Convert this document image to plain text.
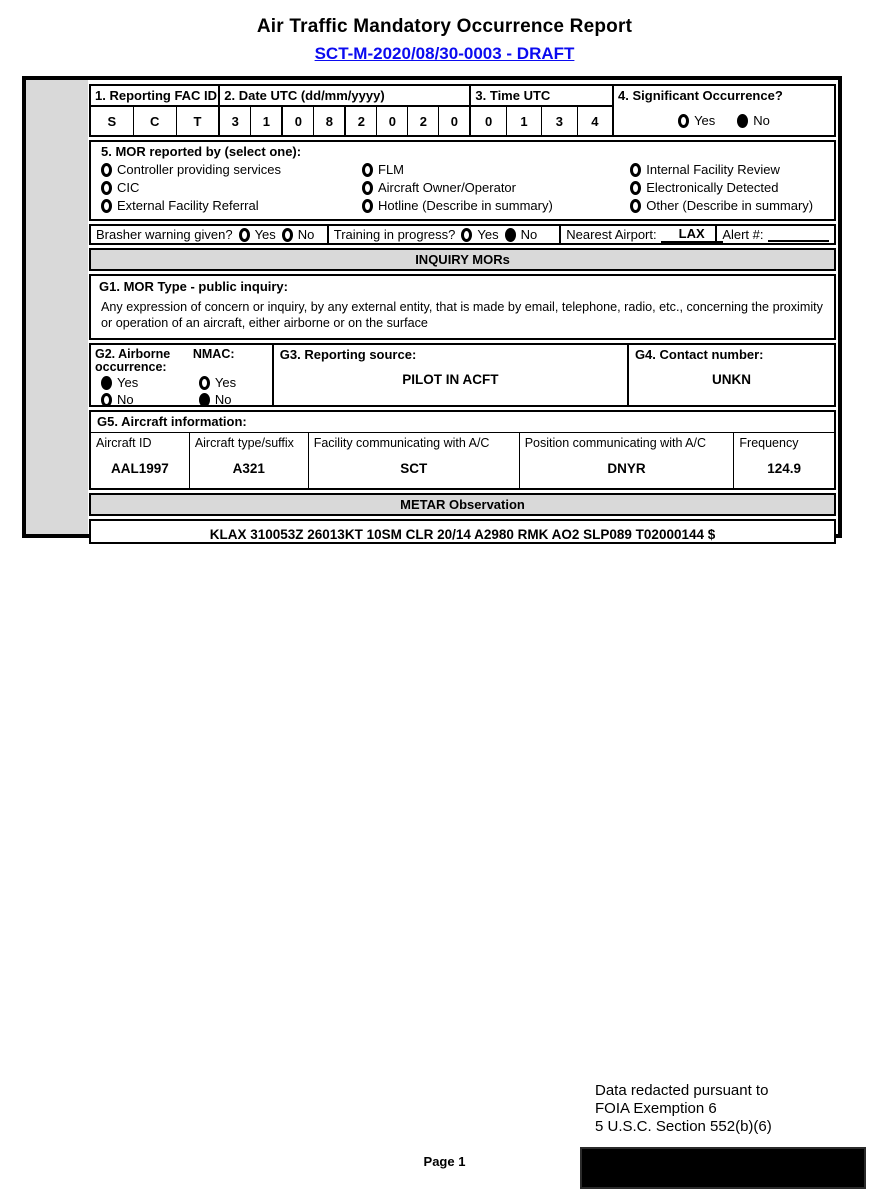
Air Traffic Mandatory Occurrence Report
SCT-M-2020/08/30-0003 - DRAFT
1. Reporting FAC ID
S	C	T
2. Date UTC (dd/mm/yyyy)
3	1	0	8	2	0	2	0
3. Time UTC
0	1	3	4
4. Significant Occurrence?
Yes	No
5. MOR reported by (select one):
Controller providing services	FLM	Internal Facility Review
CIC	Aircraft Owner/Operator	Electronically Detected
External Facility Referral	Hotline (Describe in summary)	Other (Describe in summary)
Brasher warning given? Yes No Training in progress? Yes No Nearest Airport:	LAX	Alert #:
INQUIRY MORs
G1. MOR Type - public inquiry:
Any expression of concern or inquiry, by any external entity, that is made by email, telephone, radio, etc., concerning the proximity or operation of an aircraft, either airborne or on the surface
G2. Airborne occurrence:
Yes
No
NMAC:
Yes
No
G3. Reporting source:
PILOT IN ACFT
G4. Contact number:
UNKN
G5. Aircraft information:
Aircraft ID
AAL1997
Aircraft type/suffix
A321
Facility communicating with A/C
SCT
Position communicating with A/C
DNYR
Frequency
124.9
METAR Observation
KLAX 310053Z 26013KT 10SM CLR 20/14 A2980 RMK AO2 SLP089 T02000144 $
Data redacted pursuant to
FOIA Exemption 6
5 U.S.C. Section 552(b)(6)
Page 1
